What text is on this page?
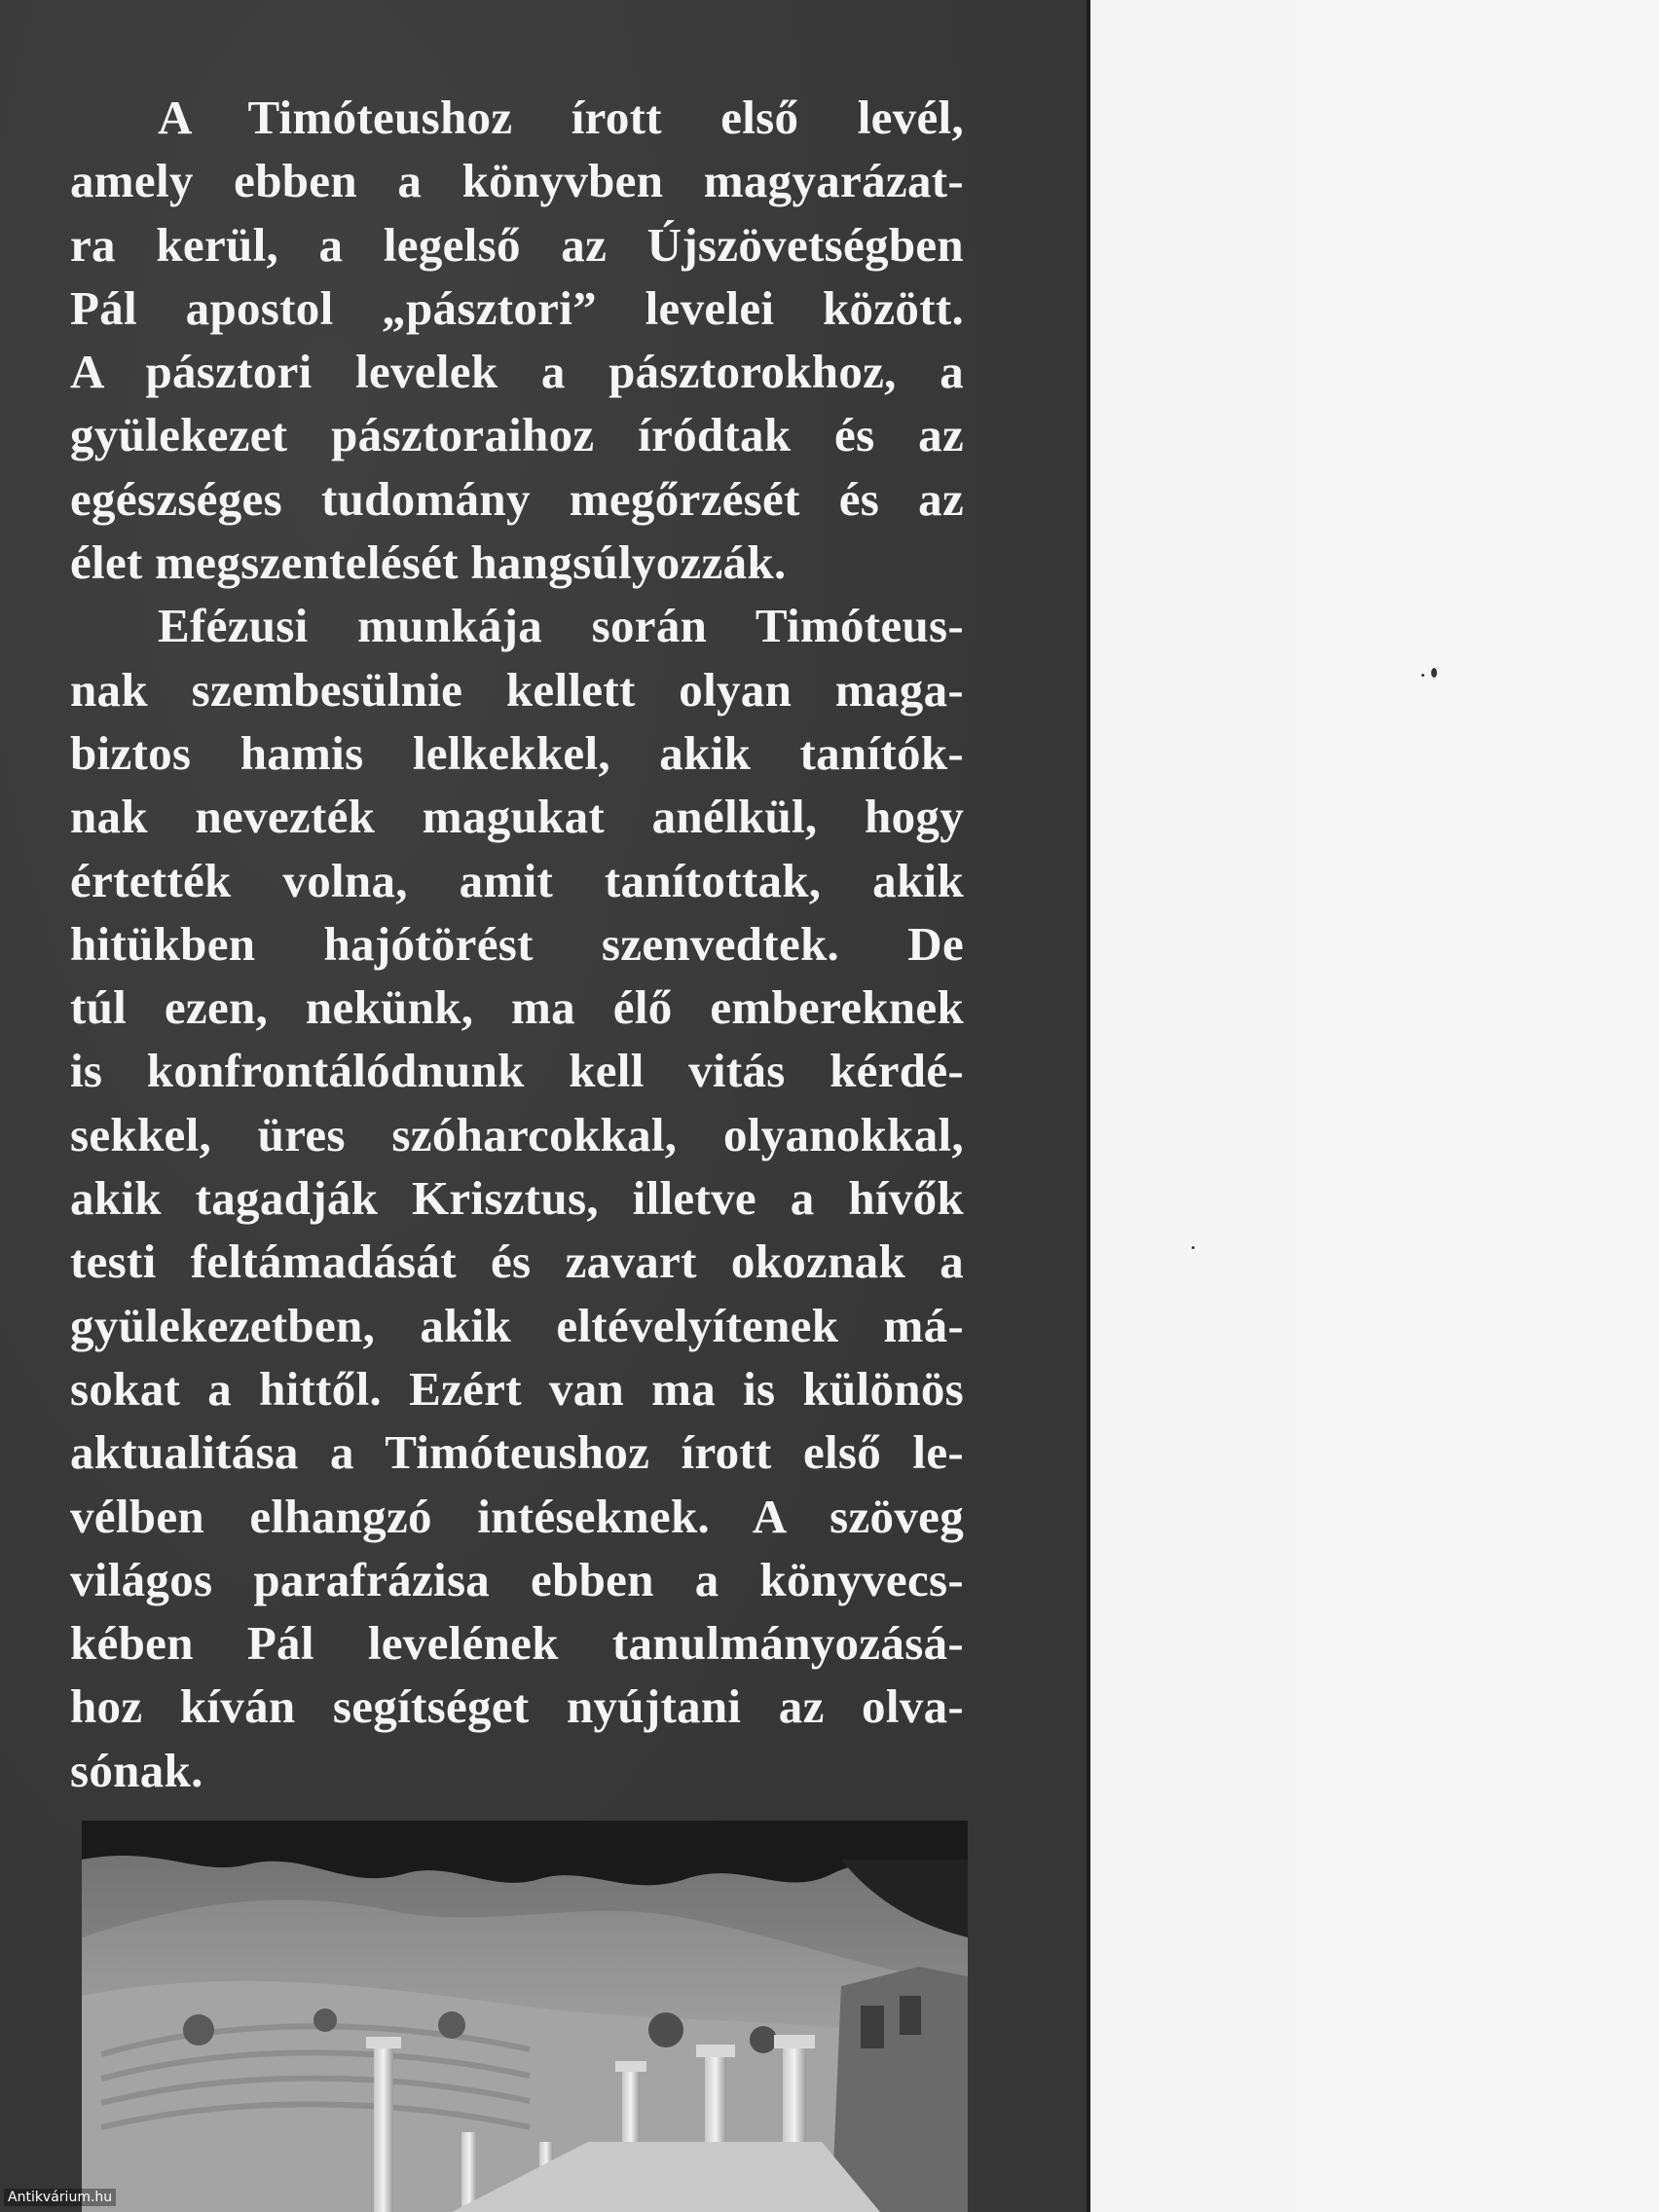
A Timóteushoz írott első levél,
amely ebben a könyvben magyarázat-
ra kerül, a legelső az Újszövetségben
Pál apostol „pásztori” levelei között.
A pásztori levelek a pásztorokhoz, a
gyülekezet pásztoraihoz íródtak és az
egészséges tudomány megőrzését és az
élet megszentelését hangsúlyozzák.

Efézusi munkája során Timóteus-
nak szembesülnie kellett olyan maga-
biztos hamis lelkekkel, akik tanítók-
nak nevezték magukat anélkül, hogy
értették volna, amit tanítottak, akik
hitükben hajótörést szenvedtek. De
túl ezen, nekünk, ma élő embereknek
is konfrontálódnunk kell vitás kérdé-
sekkel, üres szóharcokkal, olyanokkal,
akik tagadják Krisztus, illetve a hívők
testi feltámadását és zavart okoznak a
gyülekezetben, akik eltévelyítenek má-
sokat a hittől. Ezért van ma is különös
aktualitása a Timóteushoz írott első le-
vélben elhangzó intéseknek. A szöveg
világos parafrázisa ebben a könyvecs-
kében Pál levelének tanulmányozásá-
hoz kíván segítséget nyújtani az olva-
sónak.

Antikvárium.hu
